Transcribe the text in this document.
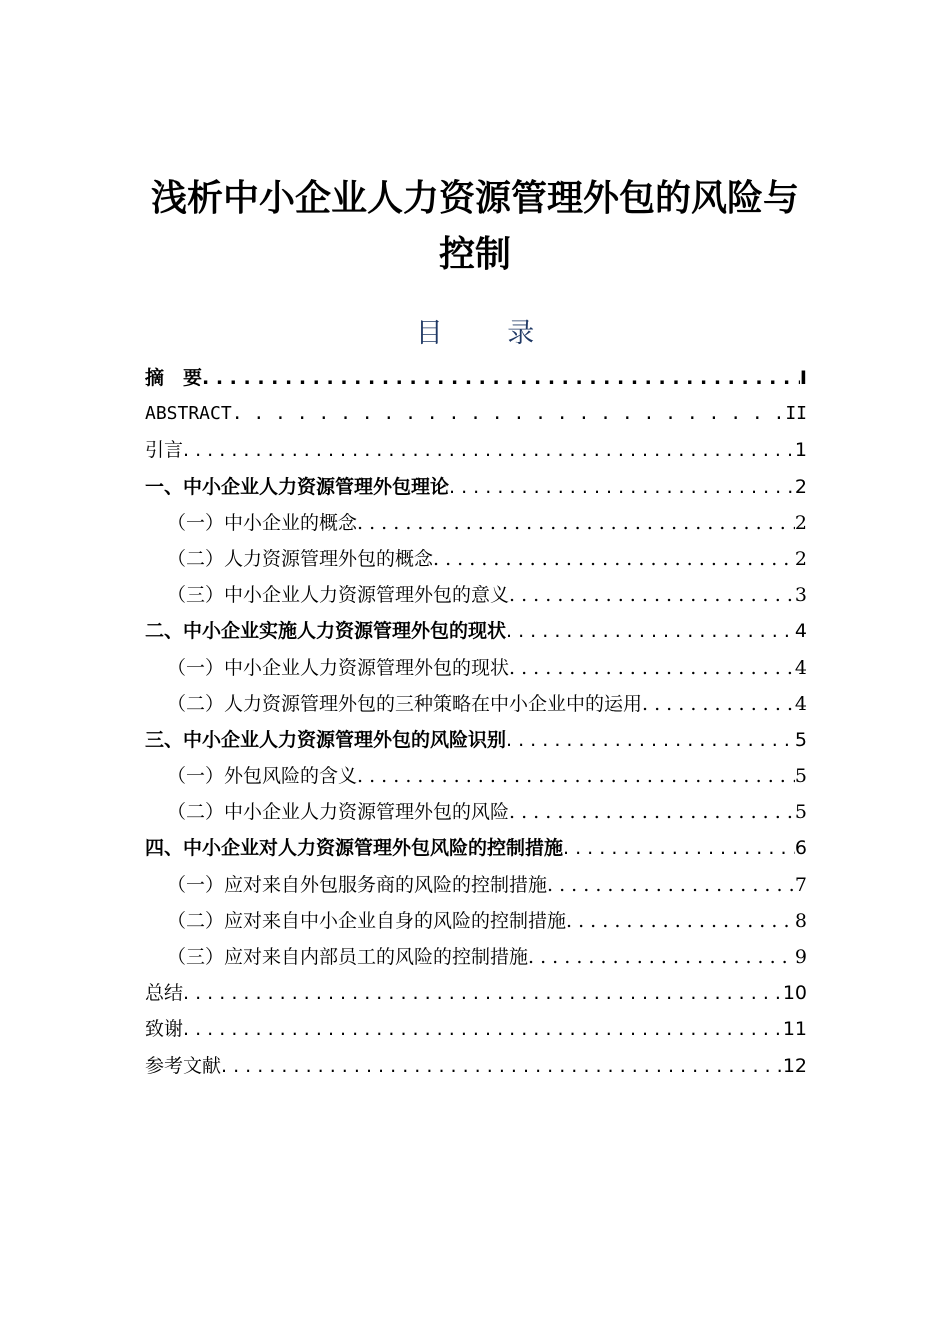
浅析中小企业人力资源管理外包的风险与
控制
目 录
摘　要 . . .	I
ABSTRACT . . .	II
引言 . . .	1
一、中小企业人力资源管理外包理论 . . .	2
（一）中小企业的概念 . . .	2
（二）人力资源管理外包的概念 . . .	2
（三）中小企业人力资源管理外包的意义 . . .	3
二、中小企业实施人力资源管理外包的现状 . . .	4
（一）中小企业人力资源管理外包的现状 . . .	4
（二）人力资源管理外包的三种策略在中小企业中的运用 . . .	4
三、中小企业人力资源管理外包的风险识别 . . .	5
（一）外包风险的含义 . . .	5
（二）中小企业人力资源管理外包的风险 . . .	5
四、中小企业对人力资源管理外包风险的控制措施 . . .	6
（一）应对来自外包服务商的风险的控制措施 . . .	7
（二）应对来自中小企业自身的风险的控制措施 . . .	8
（三）应对来自内部员工的风险的控制措施 . . .	9
总结 . . .	10
致谢 . . .	11
参考文献 . . .	12
